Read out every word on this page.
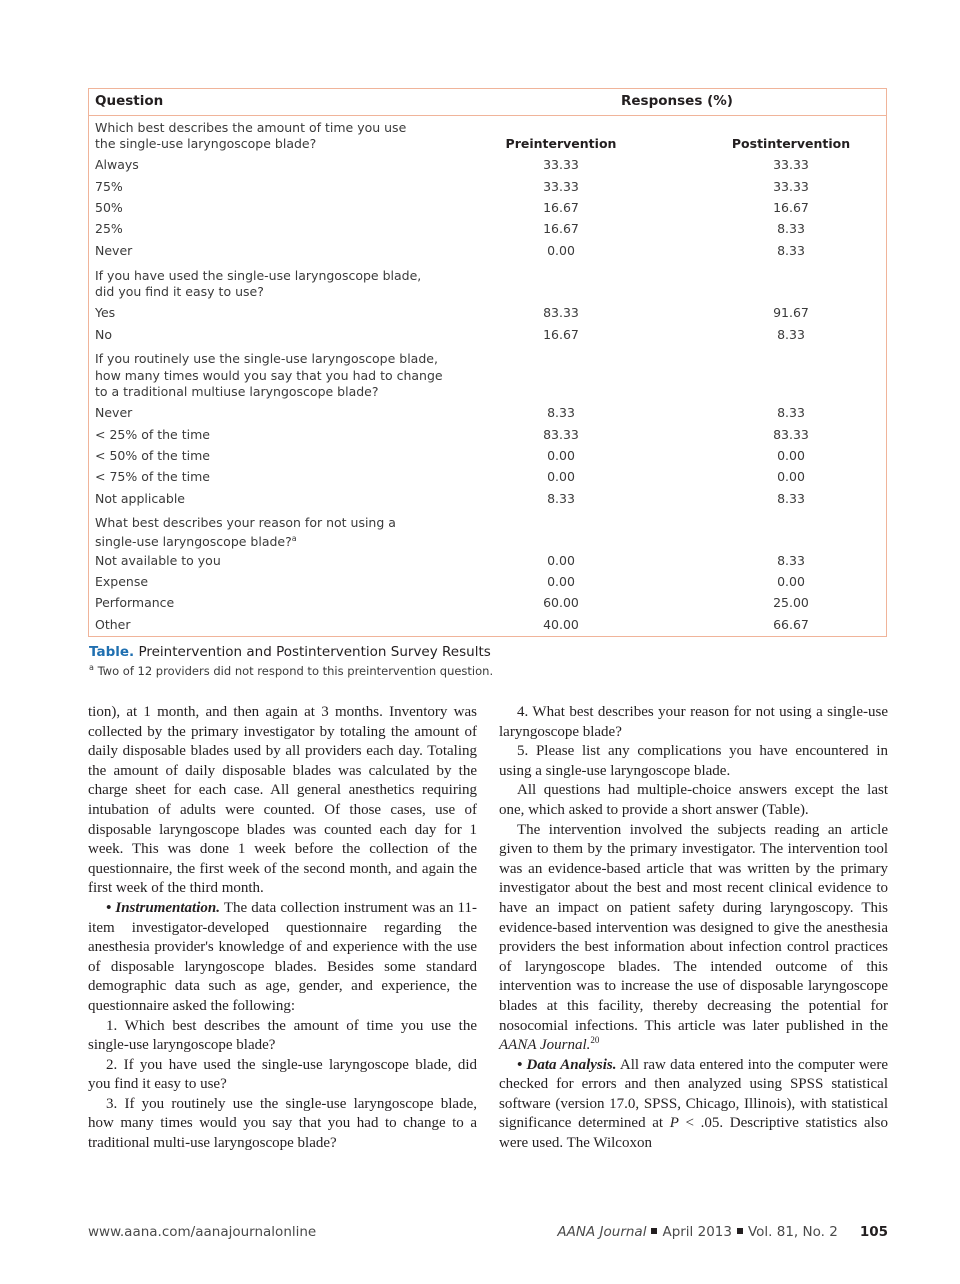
Question	Responses (%)
Preintervention	Postintervention
Which best describes the amount of time you use
the single-use laryngoscope blade?
Always	33.33	33.33
75%	33.33	33.33
50%	16.67	16.67
25%	16.67	8.33
Never	0.00	8.33
If you have used the single-use laryngoscope blade,
did you find it easy to use?
Yes	83.33	91.67
No	16.67	8.33
If you routinely use the single-use laryngoscope blade,
how many times would you say that you had to change
to a traditional multiuse laryngoscope blade?
Never	8.33	8.33
< 25% of the time	83.33	83.33
< 50% of the time	0.00	0.00
< 75% of the time	0.00	0.00
Not applicable	8.33	8.33
What best describes your reason for not using a
single-use laryngoscope blade?$^a$
Not available to you	0.00	8.33
Expense	0.00	0.00
Performance	60.00	25.00
Other	40.00	66.67
Table. Preintervention and Postintervention Survey Results
$^a$ Two of 12 providers did not respond to this preintervention question.

tion), at 1 month, and then again at 3 months. Inventory was collected by the primary investigator by totaling the amount of daily disposable blades used by all providers each day. Totaling the amount of daily disposable blades was calculated by the charge sheet for each case. All general anesthetics requiring intubation of adults were counted. Of those cases, use of disposable laryngoscope blades was counted each day for 1 week. This was done 1 week before the collection of the questionnaire, the first week of the second month, and again the first week of the third month.

• Instrumentation. The data collection instrument was an 11-item investigator-developed questionnaire regarding the anesthesia provider's knowledge of and experience with the use of disposable laryngoscope blades. Besides some standard demographic data such as age, gender, and experience, the questionnaire asked the following:

1. Which best describes the amount of time you use the single-use laryngoscope blade?

2. If you have used the single-use laryngoscope blade, did you find it easy to use?

3. If you routinely use the single-use laryngoscope blade, how many times would you say that you had to change to a traditional multi-use laryngoscope blade?

4. What best describes your reason for not using a single-use laryngoscope blade?

5. Please list any complications you have encountered in using a single-use laryngoscope blade.

All questions had multiple-choice answers except the last one, which asked to provide a short answer (Table).

The intervention involved the subjects reading an article given to them by the primary investigator. The intervention tool was an evidence-based article that was written by the primary investigator about the best and most recent clinical evidence to have an impact on patient safety during laryngoscopy. This evidence-based intervention was designed to give the anesthesia providers the best information about infection control practices of laryngoscope blades. The intended outcome of this intervention was to increase the use of disposable laryngoscope blades at this facility, thereby decreasing the potential for nosocomial infections. This article was later published in the AANA Journal.$^{20}$

• Data Analysis. All raw data entered into the computer were checked for errors and then analyzed using SPSS statistical software (version 17.0, SPSS, Chicago, Illinois), with statistical significance determined at P < .05. Descriptive statistics also were used. The Wilcoxon

www.aana.com/aanajournalonline	AANA Journal April 2013 Vol. 81, No. 2 105
